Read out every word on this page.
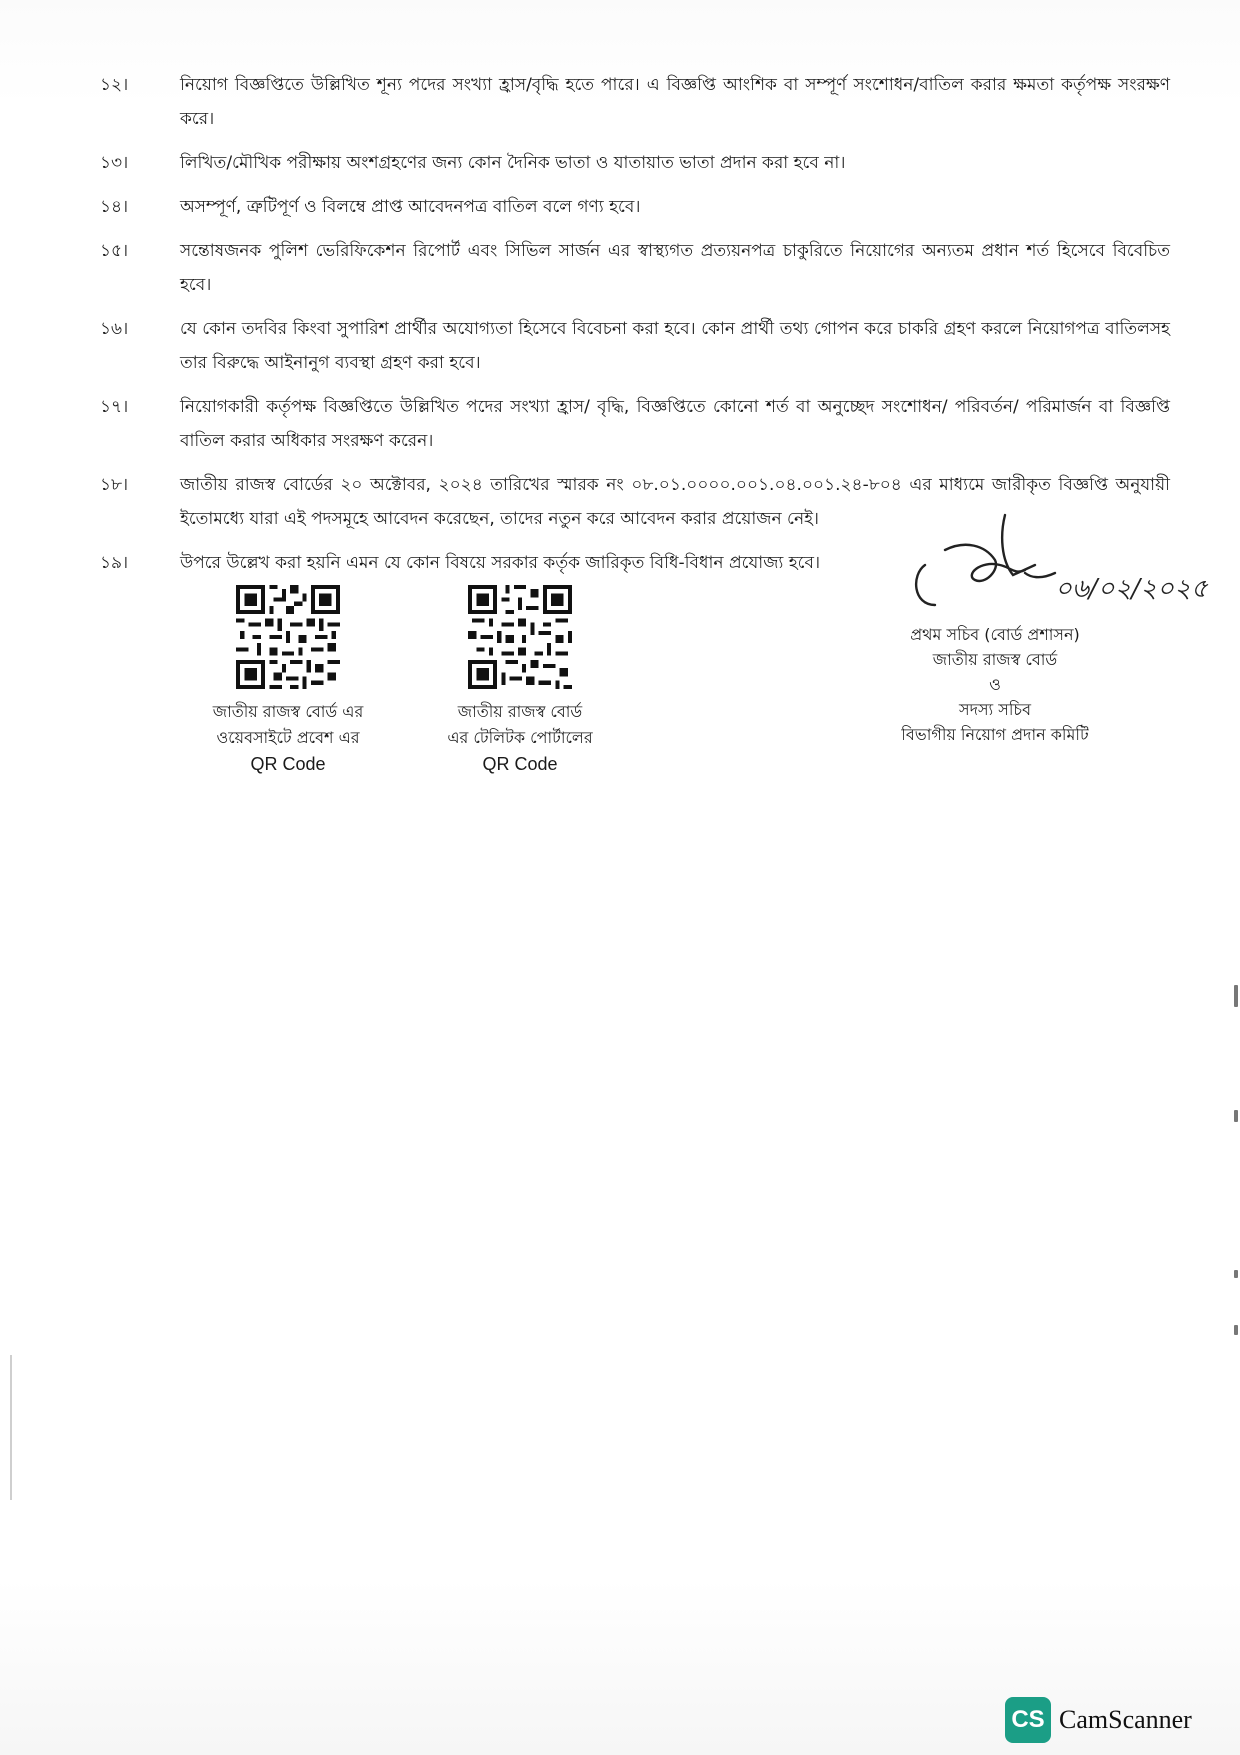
১২।	নিয়োগ বিজ্ঞপ্তিতে উল্লিখিত শূন্য পদের সংখ্যা হ্রাস/বৃদ্ধি হতে পারে। এ বিজ্ঞপ্তি আংশিক বা সম্পূর্ণ সংশোধন/বাতিল করার ক্ষমতা কর্তৃপক্ষ সংরক্ষণ করে।
১৩।	লিখিত/মৌখিক পরীক্ষায় অংশগ্রহণের জন্য কোন দৈনিক ভাতা ও যাতায়াত ভাতা প্রদান করা হবে না।
১৪।	অসম্পূর্ণ, ত্রুটিপূর্ণ ও বিলম্বে প্রাপ্ত আবেদনপত্র বাতিল বলে গণ্য হবে।
১৫।	সন্তোষজনক পুলিশ ভেরিফিকেশন রিপোর্ট এবং সিভিল সার্জন এর স্বাস্থ্যগত প্রত্যয়নপত্র চাকুরিতে নিয়োগের অন্যতম প্রধান শর্ত হিসেবে বিবেচিত হবে।
১৬।	যে কোন তদবির কিংবা সুপারিশ প্রার্থীর অযোগ্যতা হিসেবে বিবেচনা করা হবে। কোন প্রার্থী তথ্য গোপন করে চাকরি গ্রহণ করলে নিয়োগপত্র বাতিলসহ তার বিরুদ্ধে আইনানুগ ব্যবস্থা গ্রহণ করা হবে।
১৭।	নিয়োগকারী কর্তৃপক্ষ বিজ্ঞপ্তিতে উল্লিখিত পদের সংখ্যা হ্রাস/ বৃদ্ধি, বিজ্ঞপ্তিতে কোনো শর্ত বা অনুচ্ছেদ সংশোধন/ পরিবর্তন/ পরিমার্জন বা বিজ্ঞপ্তি বাতিল করার অধিকার সংরক্ষণ করেন।
১৮।	জাতীয় রাজস্ব বোর্ডের ২০ অক্টোবর, ২০২৪ তারিখের স্মারক নং ০৮.০১.০০০০.০০১.০৪.০০১.২৪-৮০৪ এর মাধ্যমে জারীকৃত বিজ্ঞপ্তি অনুযায়ী ইতোমধ্যে যারা এই পদসমূহে আবেদন করেছেন, তাদের নতুন করে আবেদন করার প্রয়োজন নেই।
১৯।	উপরে উল্লেখ করা হয়নি এমন যে কোন বিষয়ে সরকার কর্তৃক জারিকৃত বিধি-বিধান প্রযোজ্য হবে।
জাতীয় রাজস্ব বোর্ড এর
ওয়েবসাইটে প্রবেশ এর
QR Code
জাতীয় রাজস্ব বোর্ড
এর টেলিটক পোর্টালের
QR Code
০৬/০২/২০২৫
প্রথম সচিব (বোর্ড প্রশাসন)
জাতীয় রাজস্ব বোর্ড
ও
সদস্য সচিব
বিভাগীয় নিয়োগ প্রদান কমিটি
CS CamScanner
